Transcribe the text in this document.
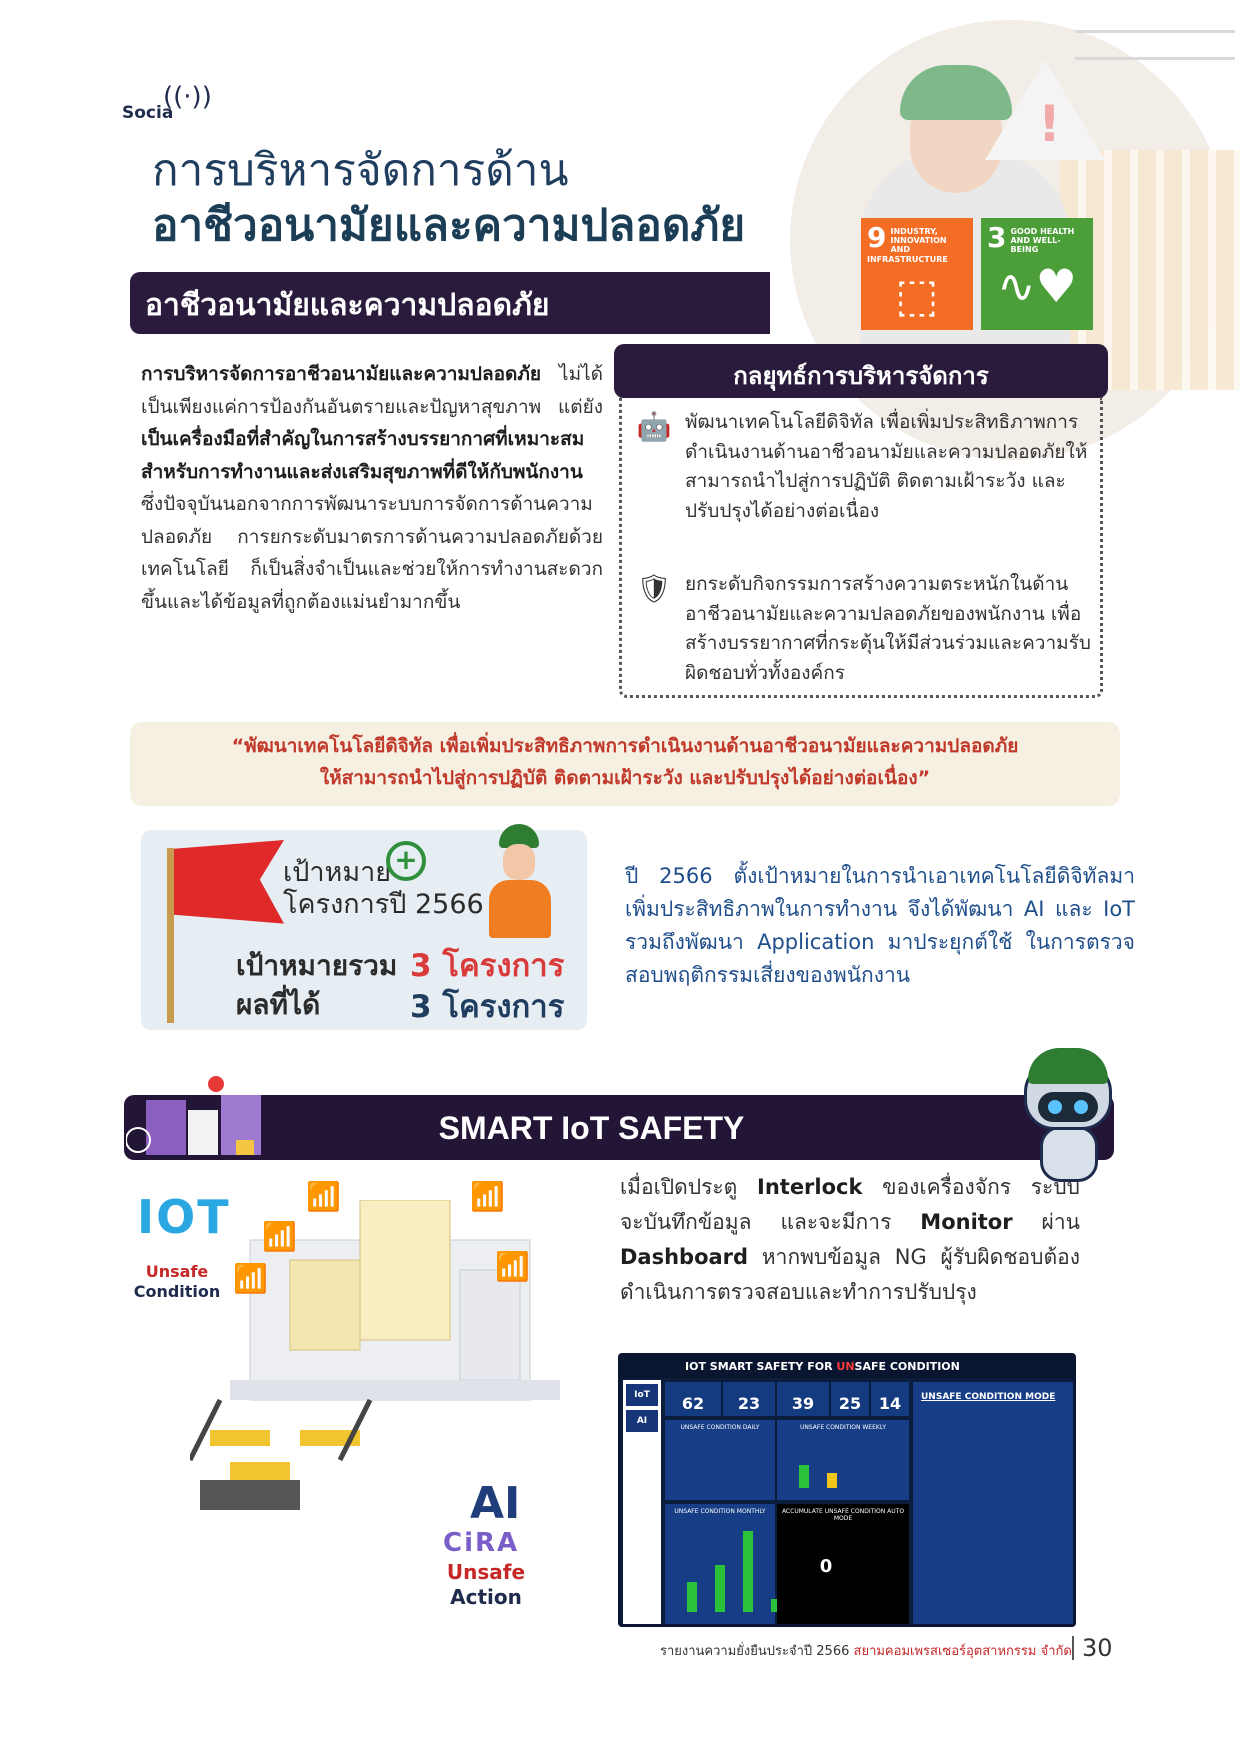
!
Socia
((·))
การบริหารจัดการด้าน
อาชีวอนามัยและความปลอดภัย	9 INDUSTRY, INNOVATION AND INFRASTRUCTURE
⬚
3 GOOD HEALTH AND WELL-BEING
∿♥
อาชีวอนามัยและความปลอดภัย
การบริหารจัดการอาชีวอนามัยและความปลอดภัย ไม่ได้เป็นเพียงแค่การป้องกันอันตรายและปัญหาสุขภาพ แต่ยังเป็นเครื่องมือที่สำคัญในการสร้างบรรยากาศที่เหมาะสมสำหรับการทำงานและส่งเสริมสุขภาพที่ดีให้กับพนักงาน ซึ่งปัจจุบันนอกจากการพัฒนาระบบการจัดการด้านความปลอดภัย การยกระดับมาตรการด้านความปลอดภัยด้วยเทคโนโลยี ก็เป็นสิ่งจำเป็นและช่วยให้การทำงานสะดวกขึ้นและได้ข้อมูลที่ถูกต้องแม่นยำมากขึ้น
กลยุทธ์การบริหารจัดการ
🤖 พัฒนาเทคโนโลยีดิจิทัล เพื่อเพิ่มประสิทธิภาพการดำเนินงานด้านอาชีวอนามัยและความปลอดภัยให้สามารถนำไปสู่การปฏิบัติ ติดตามเฝ้าระวัง และปรับปรุงได้อย่างต่อเนื่อง
🛡 ยกระดับกิจกรรมการสร้างความตระหนักในด้านอาชีวอนามัยและความปลอดภัยของพนักงาน เพื่อสร้างบรรยากาศที่กระตุ้นให้มีส่วนร่วมและความรับผิดชอบทั่วทั้งองค์กร
“พัฒนาเทคโนโลยีดิจิทัล เพื่อเพิ่มประสิทธิภาพการดำเนินงานด้านอาชีวอนามัยและความปลอดภัย
ให้สามารถนำไปสู่การปฏิบัติ ติดตามเฝ้าระวัง และปรับปรุงได้อย่างต่อเนื่อง”
เป้าหมาย +
โครงการปี 2566
เป้าหมายรวม 3 โครงการ
ผลที่ได้	3 โครงการ
ปี 2566 ตั้งเป้าหมายในการนำเอาเทคโนโลยีดิจิทัลมาเพิ่มประสิทธิภาพในการทำงาน จึงได้พัฒนา AI และ IoT รวมถึงพัฒนา Application มาประยุกต์ใช้ ในการตรวจสอบพฤติกรรมเสี่ยงของพนักงาน
SMART IoT SAFETY
IOT
Unsafe
Condition 📶
📶
📶	📶
📶
AI
CiRA
Unsafe
Action
เมื่อเปิดประตู Interlock ของเครื่องจักร ระบบจะบันทึกข้อมูล และจะมีการ Monitor ผ่าน Dashboard หากพบข้อมูล NG ผู้รับผิดชอบต้องดำเนินการตรวจสอบและทำการปรับปรุง
IOT SMART SAFETY FOR UNSAFE CONDITION
IoT
AI
62	23	39	25	14
UNSAFE CONDITION DAILY	UNSAFE CONDITION WEEKLY
UNSAFE CONDITION MONTHLY	ACCUMULATE UNSAFE CONDITION AUTO MODE
0
UNSAFE CONDITION MODE
รายงานความยั่งยืนประจำปี 2566 สยามคอมเพรสเซอร์อุตสาหกรรม จำกัด 30
